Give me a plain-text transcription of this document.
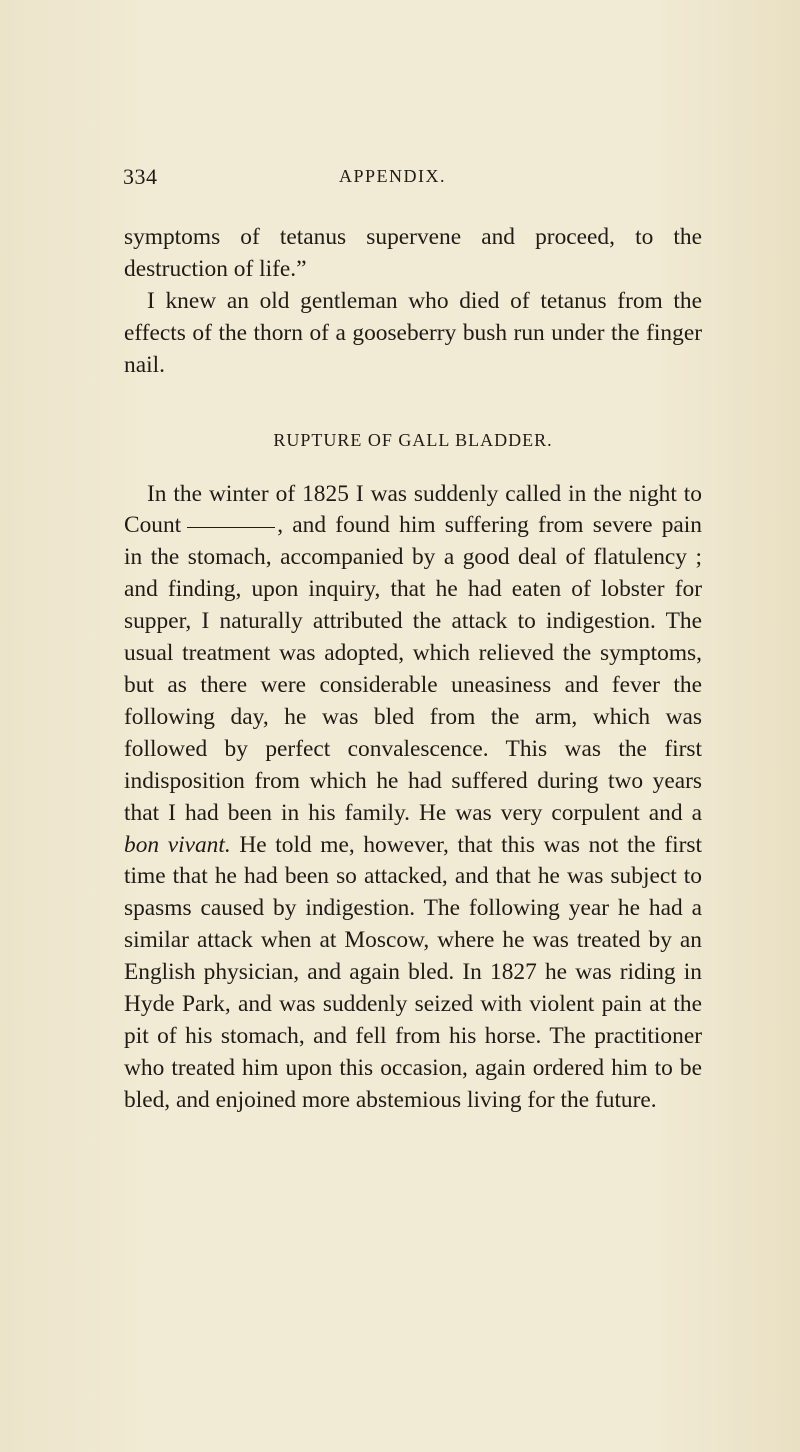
334	APPENDIX.

symptoms of tetanus supervene and proceed, to the destruction of life.”

I knew an old gentleman who died of tetanus from the effects of the thorn of a gooseberry bush run under the finger nail.

RUPTURE OF GALL BLADDER.

In the winter of 1825 I was suddenly called in the night to Count	, and found him suffering from severe pain in the stomach, accompanied by a good deal of flatulency ; and finding, upon inquiry, that he had eaten of lobster for supper, I naturally attributed the attack to indigestion. The usual treatment was adopted, which relieved the symptoms, but as there were considerable uneasiness and fever the following day, he was bled from the arm, which was followed by perfect convalescence. This was the first indisposition from which he had suffered during two years that I had been in his family. He was very corpulent and a bon vivant. He told me, however, that this was not the first time that he had been so attacked, and that he was subject to spasms caused by indigestion. The following year he had a similar attack when at Moscow, where he was treated by an English physician, and again bled. In 1827 he was riding in Hyde Park, and was suddenly seized with violent pain at the pit of his stomach, and fell from his horse. The practitioner who treated him upon this occasion, again ordered him to be bled, and enjoined more abstemious living for the future.
